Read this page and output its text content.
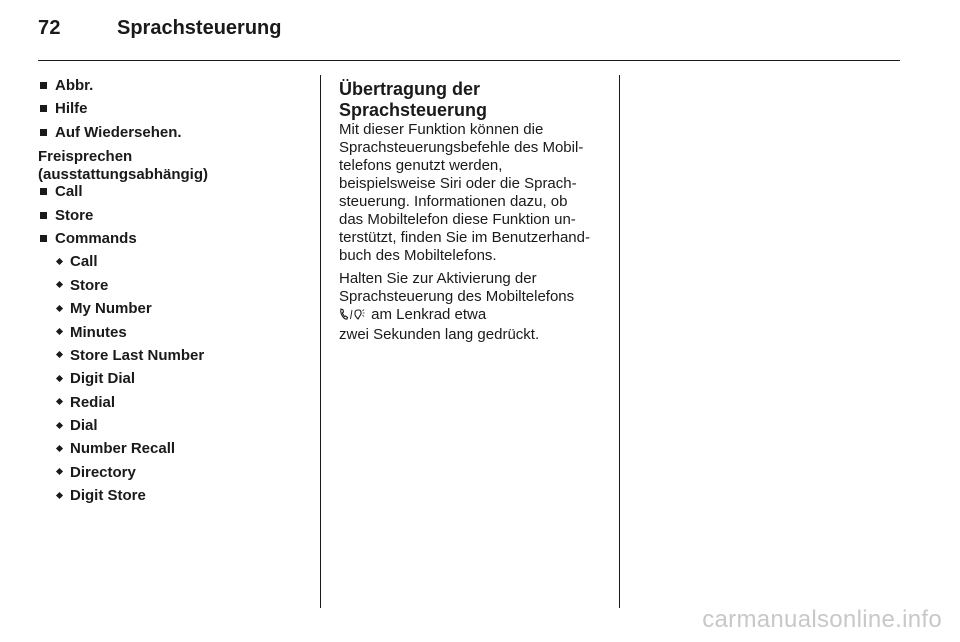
72	Sprachsteuerung
Abbr.
Hilfe
Auf Wiedersehen.
Freisprechen
(ausstattungsabhängig)
Call
Store
Commands
Call
Store
My Number
Minutes
Store Last Number
Digit Dial
Redial
Dial
Number Recall
Directory
Digit Store
Übertragung der
Sprachsteuerung
Mit dieser Funktion können die
Sprachsteuerungsbefehle des Mobil-
telefons genutzt werden,
beispielsweise Siri oder die Sprach-
steuerung. Informationen dazu, ob
das Mobiltelefon diese Funktion un-
terstützt, finden Sie im Benutzerhand-
buch des Mobiltelefons.
Halten Sie zur Aktivierung der
Sprachsteuerung des Mobiltelefons
am Lenkrad etwa
zwei Sekunden lang gedrückt.
carmanualsonline.info
